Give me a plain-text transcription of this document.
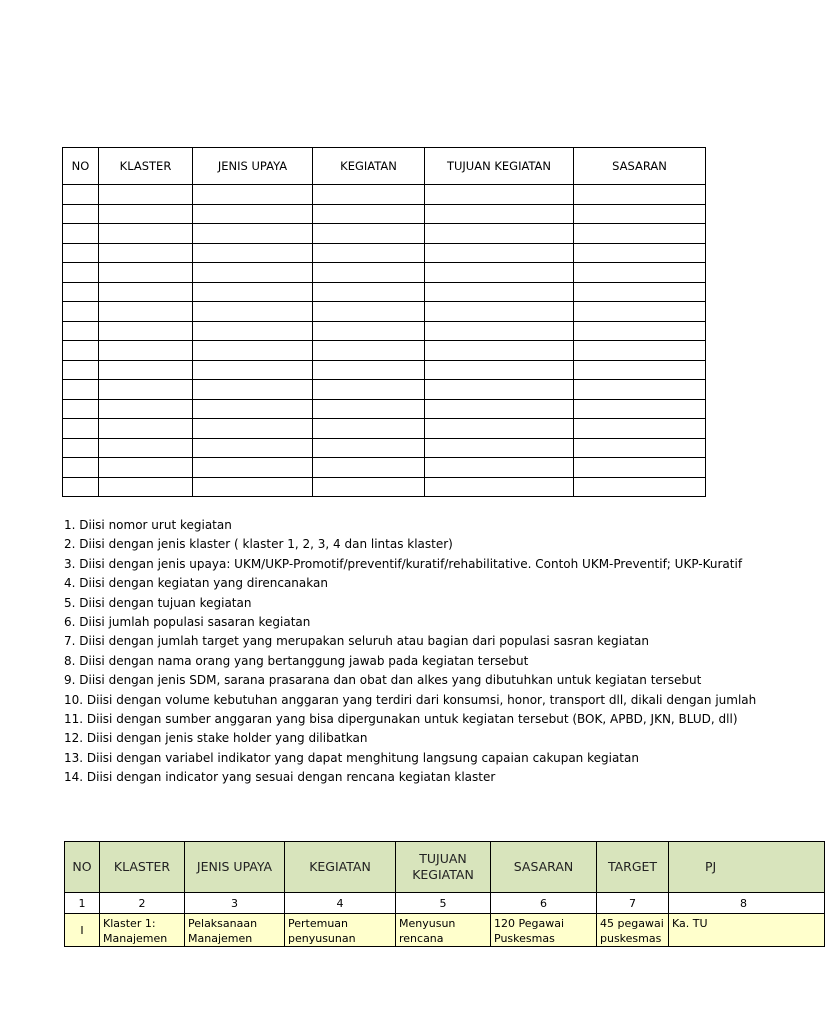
NO	KLASTER	JENIS UPAYA	KEGIATAN	TUJUAN KEGIATAN	SASARAN

1. Diisi nomor urut kegiatan
2. Diisi dengan jenis klaster ( klaster 1, 2, 3, 4 dan lintas klaster)
3. Diisi dengan jenis upaya: UKM/UKP-Promotif/preventif/kuratif/rehabilitative. Contoh UKM-Preventif; UKP-Kuratif
4. Diisi dengan kegiatan yang direncanakan
5. Diisi dengan tujuan kegiatan
6. Diisi jumlah populasi sasaran kegiatan
7. Diisi dengan jumlah target yang merupakan seluruh atau bagian dari populasi sasran kegiatan
8. Diisi dengan nama orang yang bertanggung jawab pada kegiatan tersebut
9. Diisi dengan jenis SDM, sarana prasarana dan obat dan alkes yang dibutuhkan untuk kegiatan tersebut
10. Diisi dengan volume kebutuhan anggaran yang terdiri dari konsumsi, honor, transport dll, dikali dengan jumlah
11. Diisi dengan sumber anggaran yang bisa dipergunakan untuk kegiatan tersebut (BOK, APBD, JKN, BLUD, dll)
12. Diisi dengan jenis stake holder yang dilibatkan
13. Diisi dengan variabel indikator yang dapat menghitung langsung capaian cakupan kegiatan
14. Diisi dengan indicator yang sesuai dengan rencana kegiatan klaster
NO	KLASTER	JENIS UPAYA	KEGIATAN	TUJUAN KEGIATAN	SASARAN	TARGET	PJ
1	2	3	4	5	6	7	8
I	Klaster 1: Manajemen	Pelaksanaan Manajemen	Pertemuan penyusunan	Menyusun rencana	120 Pegawai Puskesmas	45 pegawai puskesmas	Ka. TU
